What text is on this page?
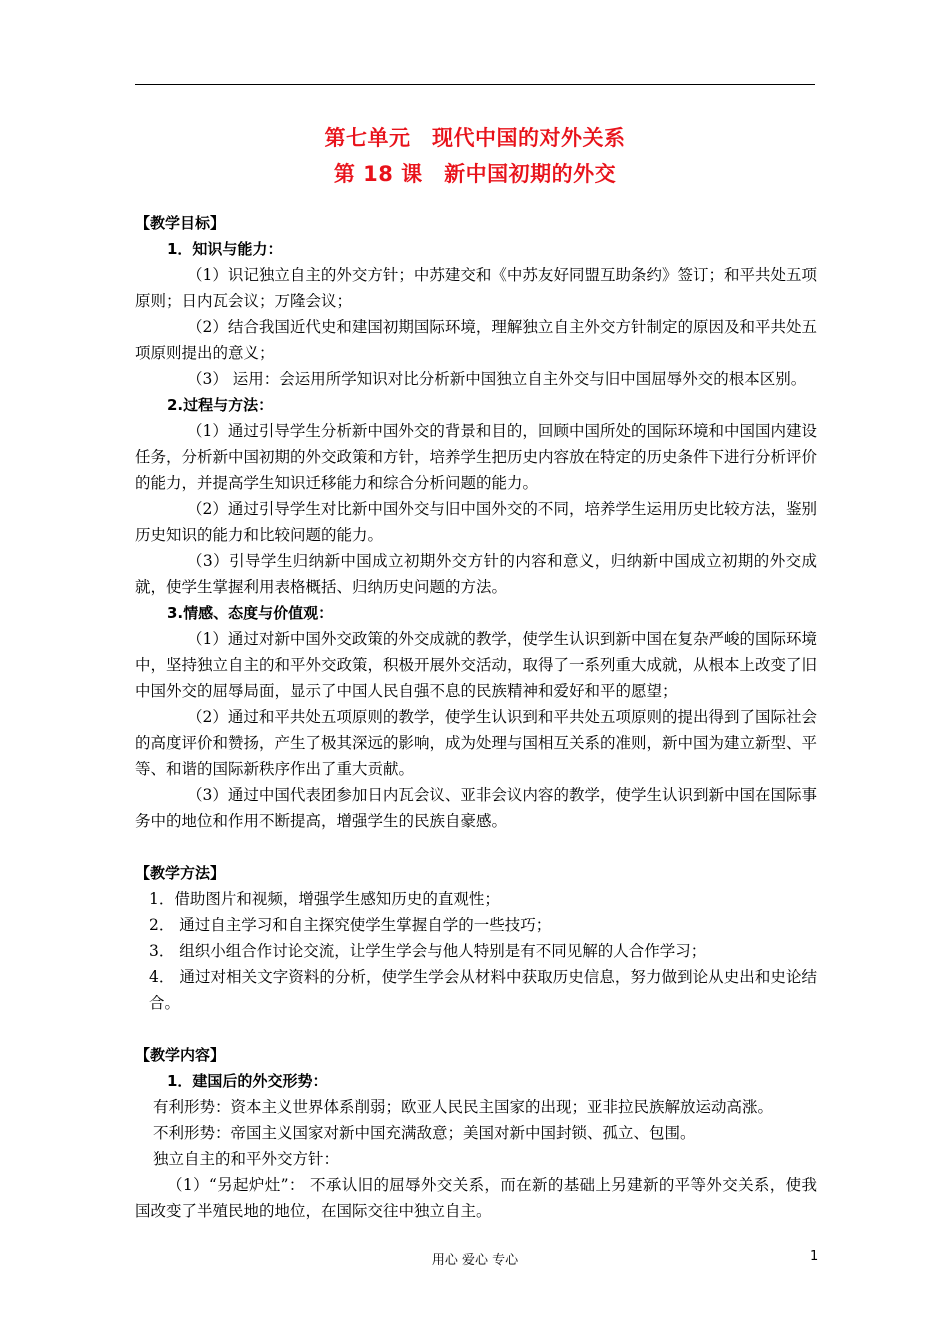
第七单元　现代中国的对外关系
第 18 课　新中国初期的外交

【教学目标】

1．知识与能力：

（1）识记独立自主的外交方针；中苏建交和《中苏友好同盟互助条约》签订；和平共处五项原则；日内瓦会议；万隆会议；

（2）结合我国近代史和建国初期国际环境，理解独立自主外交方针制定的原因及和平共处五项原则提出的意义；

（3） 运用：会运用所学知识对比分析新中国独立自主外交与旧中国屈辱外交的根本区别。

2.过程与方法：

（1）通过引导学生分析新中国外交的背景和目的，回顾中国所处的国际环境和中国国内建设任务，分析新中国初期的外交政策和方针，培养学生把历史内容放在特定的历史条件下进行分析评价的能力，并提高学生知识迁移能力和综合分析问题的能力。

（2）通过引导学生对比新中国外交与旧中国外交的不同，培养学生运用历史比较方法，鉴别历史知识的能力和比较问题的能力。

（3）引导学生归纳新中国成立初期外交方针的内容和意义，归纳新中国成立初期的外交成就，使学生掌握利用表格概括、归纳历史问题的方法。

3.情感、态度与价值观：

（1）通过对新中国外交政策的外交成就的教学，使学生认识到新中国在复杂严峻的国际环境中，坚持独立自主的和平外交政策，积极开展外交活动，取得了一系列重大成就，从根本上改变了旧中国外交的屈辱局面，显示了中国人民自强不息的民族精神和爱好和平的愿望；

（2）通过和平共处五项原则的教学，使学生认识到和平共处五项原则的提出得到了国际社会的高度评价和赞扬，产生了极其深远的影响，成为处理与国相互关系的准则，新中国为建立新型、平等、和谐的国际新秩序作出了重大贡献。

（3）通过中国代表团参加日内瓦会议、亚非会议内容的教学，使学生认识到新中国在国际事务中的地位和作用不断提高，增强学生的民族自豪感。

【教学方法】

1．借助图片和视频，增强学生感知历史的直观性；

2． 通过自主学习和自主探究使学生掌握自学的一些技巧；

3． 组织小组合作讨论交流，让学生学会与他人特别是有不同见解的人合作学习；

4． 通过对相关文字资料的分析，使学生学会从材料中获取历史信息，努力做到论从史出和史论结合。

【教学内容】

1．建国后的外交形势：

有利形势：资本主义世界体系削弱；欧亚人民民主国家的出现；亚非拉民族解放运动高涨。

不利形势：帝国主义国家对新中国充满敌意；美国对新中国封锁、孤立、包围。

独立自主的和平外交方针：

（1）“另起炉灶”： 不承认旧的屈辱外交关系，而在新的基础上另建新的平等外交关系，使我国改变了半殖民地的地位，在国际交往中独立自主。

用心 爱心 专心	1
